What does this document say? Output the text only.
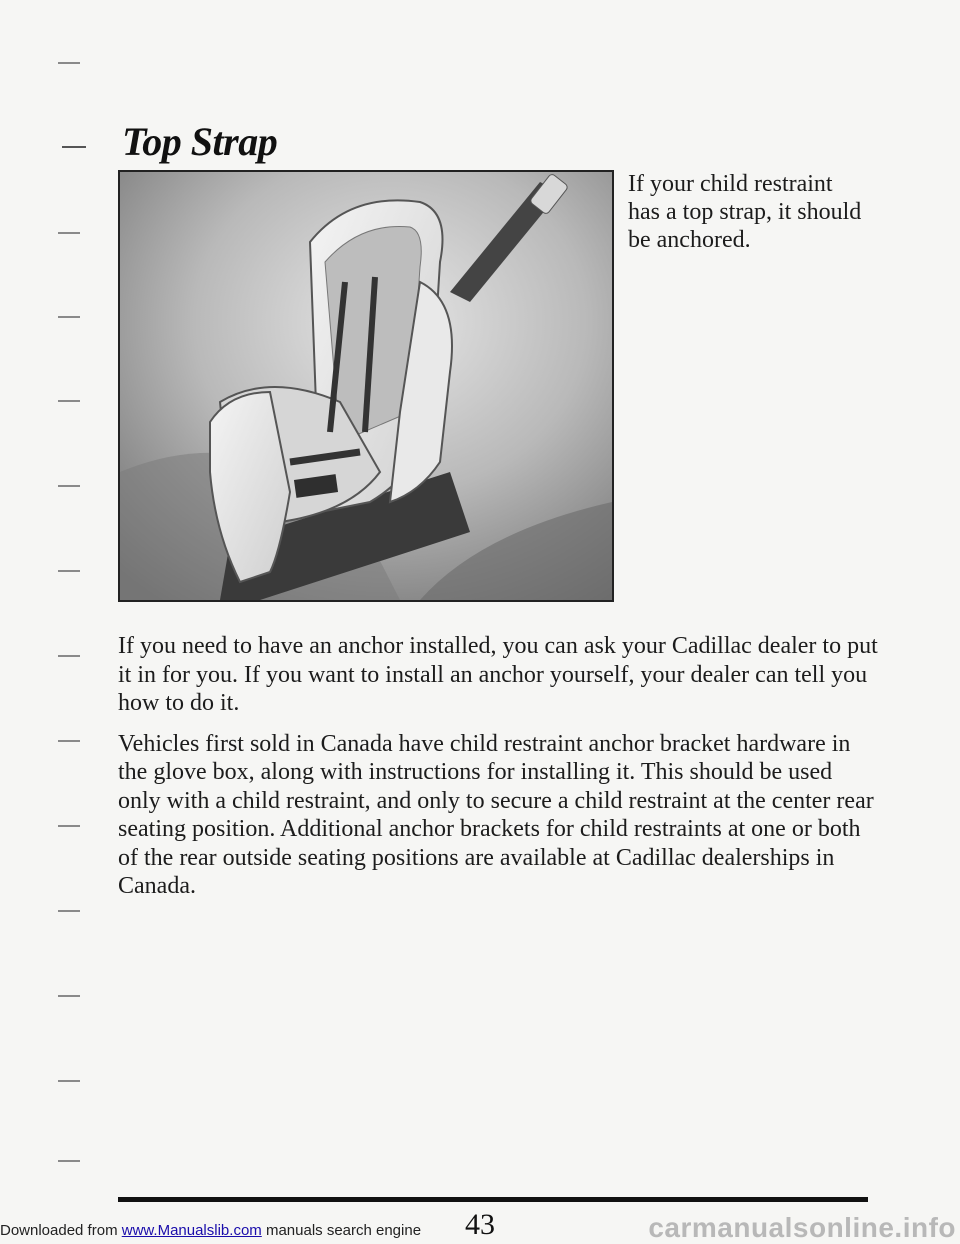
Top Strap
If your child restraint has a top strap, it should be anchored.

If you need to have an anchor installed, you can ask your Cadillac dealer to put it in for you. If you want to install an anchor yourself, your dealer can tell you how to do it.

Vehicles first sold in Canada have child restraint anchor bracket hardware in the glove box, along with instructions for installing it. This should be used only with a child restraint, and only to secure a child restraint at the center rear seating position. Additional anchor brackets for child restraints at one or both of the rear outside seating positions are available at Cadillac dealerships in Canada.

43
Downloaded from www.Manualslib.com manuals search engine	carmanualsonline.info
